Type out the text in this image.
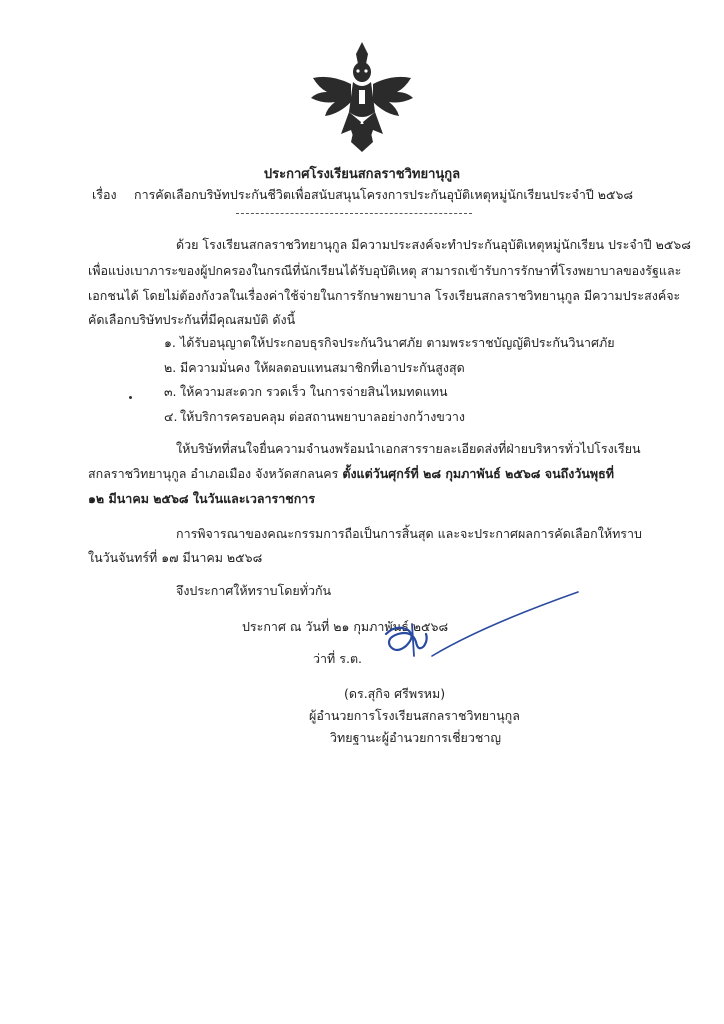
ประกาศโรงเรียนสกลราชวิทยานุกูล
เรื่อง การคัดเลือกบริษัทประกันชีวิตเพื่อสนับสนุนโครงการประกันอุบัติเหตุหมู่นักเรียนประจำปี ๒๕๖๘
ด้วย โรงเรียนสกลราชวิทยานุกูล มีความประสงค์จะทำประกันอุบัติเหตุหมู่นักเรียน ประจำปี ๒๕๖๘
เพื่อแบ่งเบาภาระของผู้ปกครองในกรณีที่นักเรียนได้รับอุบัติเหตุ สามารถเข้ารับการรักษาที่โรงพยาบาลของรัฐและ
เอกชนได้ โดยไม่ต้องกังวลในเรื่องค่าใช้จ่ายในการรักษาพยาบาล โรงเรียนสกลราชวิทยานุกูล มีความประสงค์จะ
คัดเลือกบริษัทประกันที่มีคุณสมบัติ ดังนี้
๑. ได้รับอนุญาตให้ประกอบธุรกิจประกันวินาศภัย ตามพระราชบัญญัติประกันวินาศภัย
๒. มีความมั่นคง ให้ผลตอบแทนสมาชิกที่เอาประกันสูงสุด
๓. ให้ความสะดวก รวดเร็ว ในการจ่ายสินไหมทดแทน
๔. ให้บริการครอบคลุม ต่อสถานพยาบาลอย่างกว้างขวาง
ให้บริษัทที่สนใจยื่นความจำนงพร้อมนำเอกสารรายละเอียดส่งที่ฝ่ายบริหารทั่วไปโรงเรียน
สกลราชวิทยานุกูล อำเภอเมือง จังหวัดสกลนคร ตั้งแต่วันศุกร์ที่ ๒๘ กุมภาพันธ์ ๒๕๖๘ จนถึงวันพุธที่
๑๒ มีนาคม ๒๕๖๘ ในวันและเวลาราชการ
การพิจารณาของคณะกรรมการถือเป็นการสิ้นสุด และจะประกาศผลการคัดเลือกให้ทราบ
ในวันจันทร์ที่ ๑๗ มีนาคม ๒๕๖๘
จึงประกาศให้ทราบโดยทั่วกัน
ประกาศ ณ วันที่ ๒๑ กุมภาพันธ์ ๒๕๖๘
ว่าที่ ร.ต.
(ดร.สุกิจ ศรีพรหม)
ผู้อำนวยการโรงเรียนสกลราชวิทยานุกูล
วิทยฐานะผู้อำนวยการเชี่ยวชาญ
